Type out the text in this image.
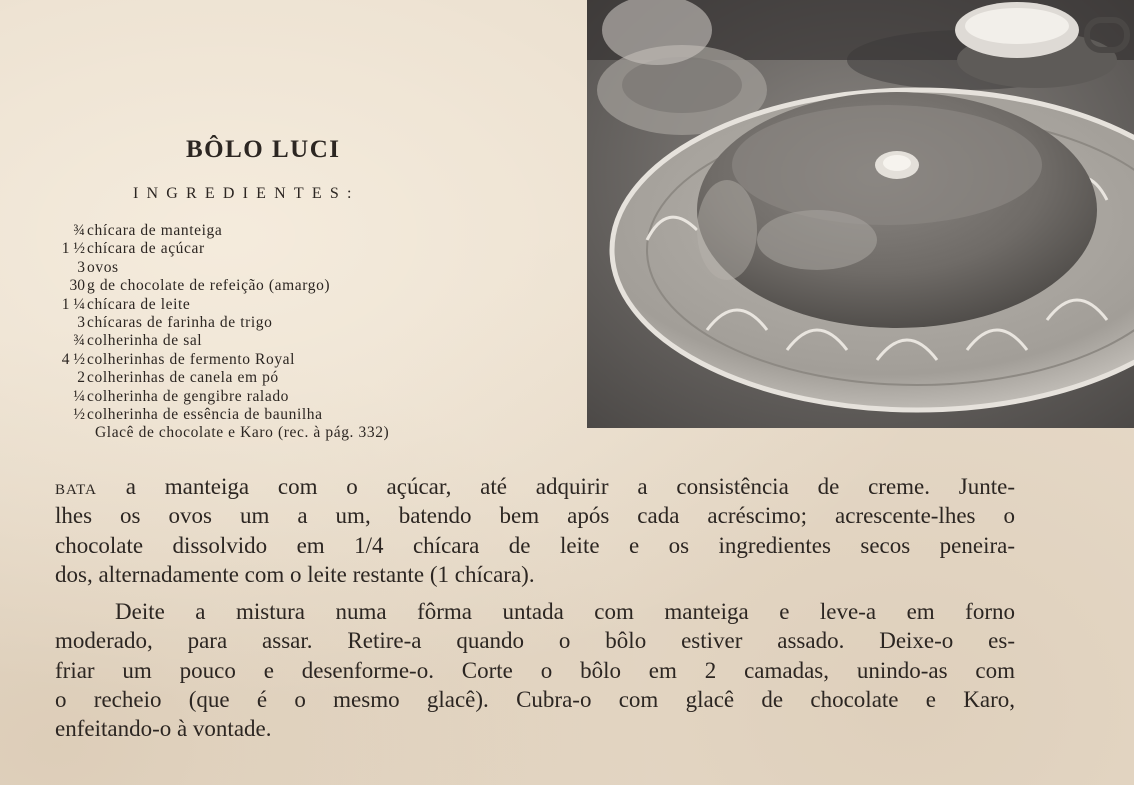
BÔLO LUCI
INGREDIENTES:
¾ chícara de manteiga
1 ½ chícara de açúcar
3 ovos
30 g de chocolate de refeição (amargo)
1 ¼ chícara de leite
3 chícaras de farinha de trigo
¾ colherinha de sal
4 ½ colherinhas de fermento Royal
2 colherinhas de canela em pó
¼ colherinha de gengibre ralado
½ colherinha de essência de baunilha
Glacê de chocolate e Karo (rec. à pág. 332)
BATA a manteiga com o açúcar, até adquirir a consistência de creme. Junte-
lhes os ovos um a um, batendo bem após cada acréscimo; acrescente-lhes o
chocolate dissolvido em 1/4 chícara de leite e os ingredientes secos peneira-
dos, alternadamente com o leite restante (1 chícara).
Deite a mistura numa fôrma untada com manteiga e leve-a em forno
moderado, para assar. Retire-a quando o bôlo estiver assado. Deixe-o es-
friar um pouco e desenforme-o. Corte o bôlo em 2 camadas, unindo-as com
o recheio (que é o mesmo glacê). Cubra-o com glacê de chocolate e Karo,
enfeitando-o à vontade.
